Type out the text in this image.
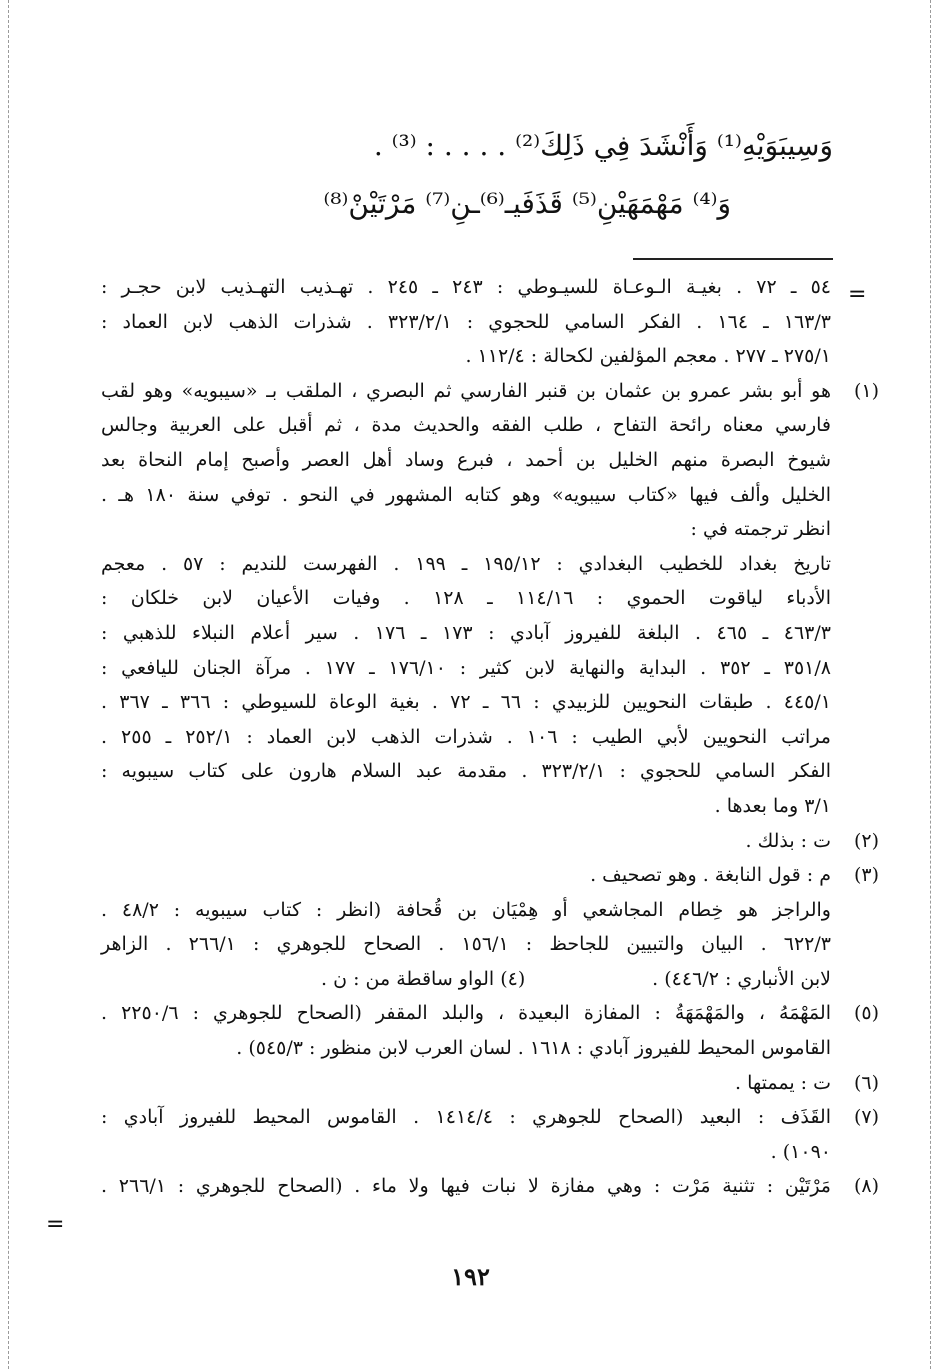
وَسِيبَوَيْهِ⁽¹⁾ وَأَنْشَدَ فِي ذَلِكَ⁽²⁾ . . . . : ⁽³⁾ .
وَ⁽⁴⁾ مَهْمَهَيْنِ⁽⁵⁾ قَذَفَيـ⁽⁶⁾ـنِ⁽⁷⁾ مَرْتَيْنْ⁽⁸⁾
=
=
٥٤ ـ ٧٢ . بغيـة الـوعـاة للسيـوطي : ٢٤٣ ـ ٢٤٥ . تهـذيب التهـذيب لابن حجـر :
١٦٣/٣ ـ ١٦٤ . الفكر السامي للحجوي : ٣٢٣/٢/١ . شذرات الذهب لابن العماد :
٢٧٥/١ ـ ٢٧٧ . معجم المؤلفين لكحالة : ١١٢/٤ .
(١)
هو أبو بشر عمرو بن عثمان بن قنبر الفارسي ثم البصري ، الملقب بـ «سيبويه» وهو لقب
فارسي معناه رائحة التفاح ، طلب الفقه والحديث مدة ، ثم أقبل على العربية وجالس
شيوخ البصرة منهم الخليل بن أحمد ، فبرع وساد أهل العصر وأصبح إمام النحاة بعد
الخليل وألف فيها «كتاب سيبويه» وهو كتابه المشهور في النحو . توفي سنة ١٨٠ هـ .
انظر ترجمته في :
تاريخ بغداد للخطيب البغدادي : ١٩٥/١٢ ـ ١٩٩ . الفهرست للنديم : ٥٧ . معجم
الأدباء لياقوت الحموي : ١١٤/١٦ ـ ١٢٨ . وفيات الأعيان لابن خلكان :
٤٦٣/٣ ـ ٤٦٥ . البلغة للفيروز آبادي : ١٧٣ ـ ١٧٦ . سير أعلام النبلاء للذهبي :
٣٥١/٨ ـ ٣٥٢ . البداية والنهاية لابن كثير : ١٧٦/١٠ ـ ١٧٧ . مرآة الجنان لليافعي :
٤٤٥/١ . طبقات النحويين للزبيدي : ٦٦ ـ ٧٢ . بغية الوعاة للسيوطي : ٣٦٦ ـ ٣٦٧ .
مراتب النحويين لأبي الطيب : ١٠٦ . شذرات الذهب لابن العماد : ٢٥٢/١ ـ ٢٥٥ .
الفكر السامي للحجوي : ٣٢٣/٢/١ . مقدمة عبد السلام هارون على كتاب سيبويه :
٣/١ وما بعدها .
(٢)
ت : بذلك .
(٣)
م : قول النابغة . وهو تصحيف .
والراجز هو خِطام المجاشعي أو هِمْيَان بن قُحافة (انظر : كتاب سيبويه : ٤٨/٢ .
٦٢٢/٣ . البيان والتبيين للجاحظ : ١٥٦/١ . الصحاح للجوهري : ٢٦٦/١ . الزاهر
لابن الأنباري : ٤٤٦/٢) .
(٤) الواو ساقطة من : ن .
(٥)
المَهْمَهُ ، والمَهْمَهَةُ : المفازة البعيدة ، والبلد المقفر (الصحاح للجوهري : ٢٢٥٠/٦ .
القاموس المحيط للفيروز آبادي : ١٦١٨ . لسان العرب لابن منظور : ٥٤٥/٣) .
(٦)
ت : يممتها .
(٧)
القَذَف : البعيد (الصحاح للجوهري : ١٤١٤/٤ . القاموس المحيط للفيروز آبادي :
١٠٩٠) .
(٨)
مَرْتَيْن : تثنية مَرْت : وهي مفازة لا نبات فيها ولا ماء . (الصحاح للجوهري : ٢٦٦/١ .
١٩٢
